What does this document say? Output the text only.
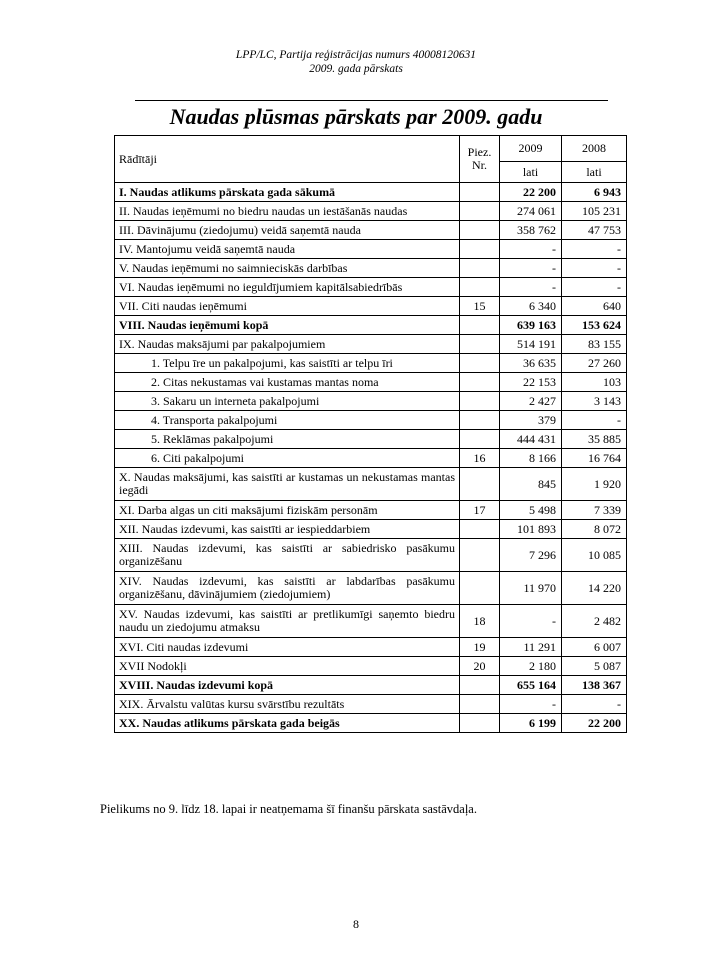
LPP/LC, Partija reģistrācijas numurs 40008120631
2009. gada pārskats
Naudas plūsmas pārskats par 2009. gadu
Rādītāji	Piez. Nr.	2009	2008
		lati	lati
I. Naudas atlikums pārskata gada sākumā		22 200	6 943
II. Naudas ieņēmumi no biedru naudas un iestāšanās naudas		274 061	105 231
III. Dāvinājumu (ziedojumu) veidā saņemtā nauda		358 762	47 753
IV. Mantojumu veidā saņemtā nauda		-	-
V. Naudas ieņēmumi no saimnieciskās darbības		-	-
VI. Naudas ieņēmumi no ieguldījumiem kapitālsabiedrībās		-	-
VII. Citi naudas ieņēmumi	15	6 340	640
VIII. Naudas ieņēmumi kopā		639 163	153 624
IX. Naudas maksājumi par pakalpojumiem		514 191	83 155
1. Telpu īre un pakalpojumi, kas saistīti ar telpu īri		36 635	27 260
2. Citas nekustamas vai kustamas mantas noma		22 153	103
3. Sakaru un interneta pakalpojumi		2 427	3 143
4. Transporta pakalpojumi		379	-
5. Reklāmas pakalpojumi		444 431	35 885
6. Citi pakalpojumi	16	8 166	16 764
X. Naudas maksājumi, kas saistīti ar kustamas un nekustamas mantas iegādi		845	1 920
XI. Darba algas un citi maksājumi fiziskām personām	17	5 498	7 339
XII. Naudas izdevumi, kas saistīti ar iespieddarbiem		101 893	8 072
XIII. Naudas izdevumi, kas saistīti ar sabiedrisko pasākumu organizēšanu		7 296	10 085
XIV. Naudas izdevumi, kas saistīti ar labdarības pasākumu organizēšanu, dāvinājumiem (ziedojumiem)		11 970	14 220
XV. Naudas izdevumi, kas saistīti ar pretlikumīgi saņemto biedru naudu un ziedojumu atmaksu	18	-	2 482
XVI. Citi naudas izdevumi	19	11 291	6 007
XVII Nodokļi	20	2 180	5 087
XVIII. Naudas izdevumi kopā		655 164	138 367
XIX. Ārvalstu valūtas kursu svārstību rezultāts		-	-
XX. Naudas atlikums pārskata gada beigās		6 199	22 200
Pielikums no 9. līdz 18. lapai ir neatņemama šī finanšu pārskata sastāvdaļa.
8
